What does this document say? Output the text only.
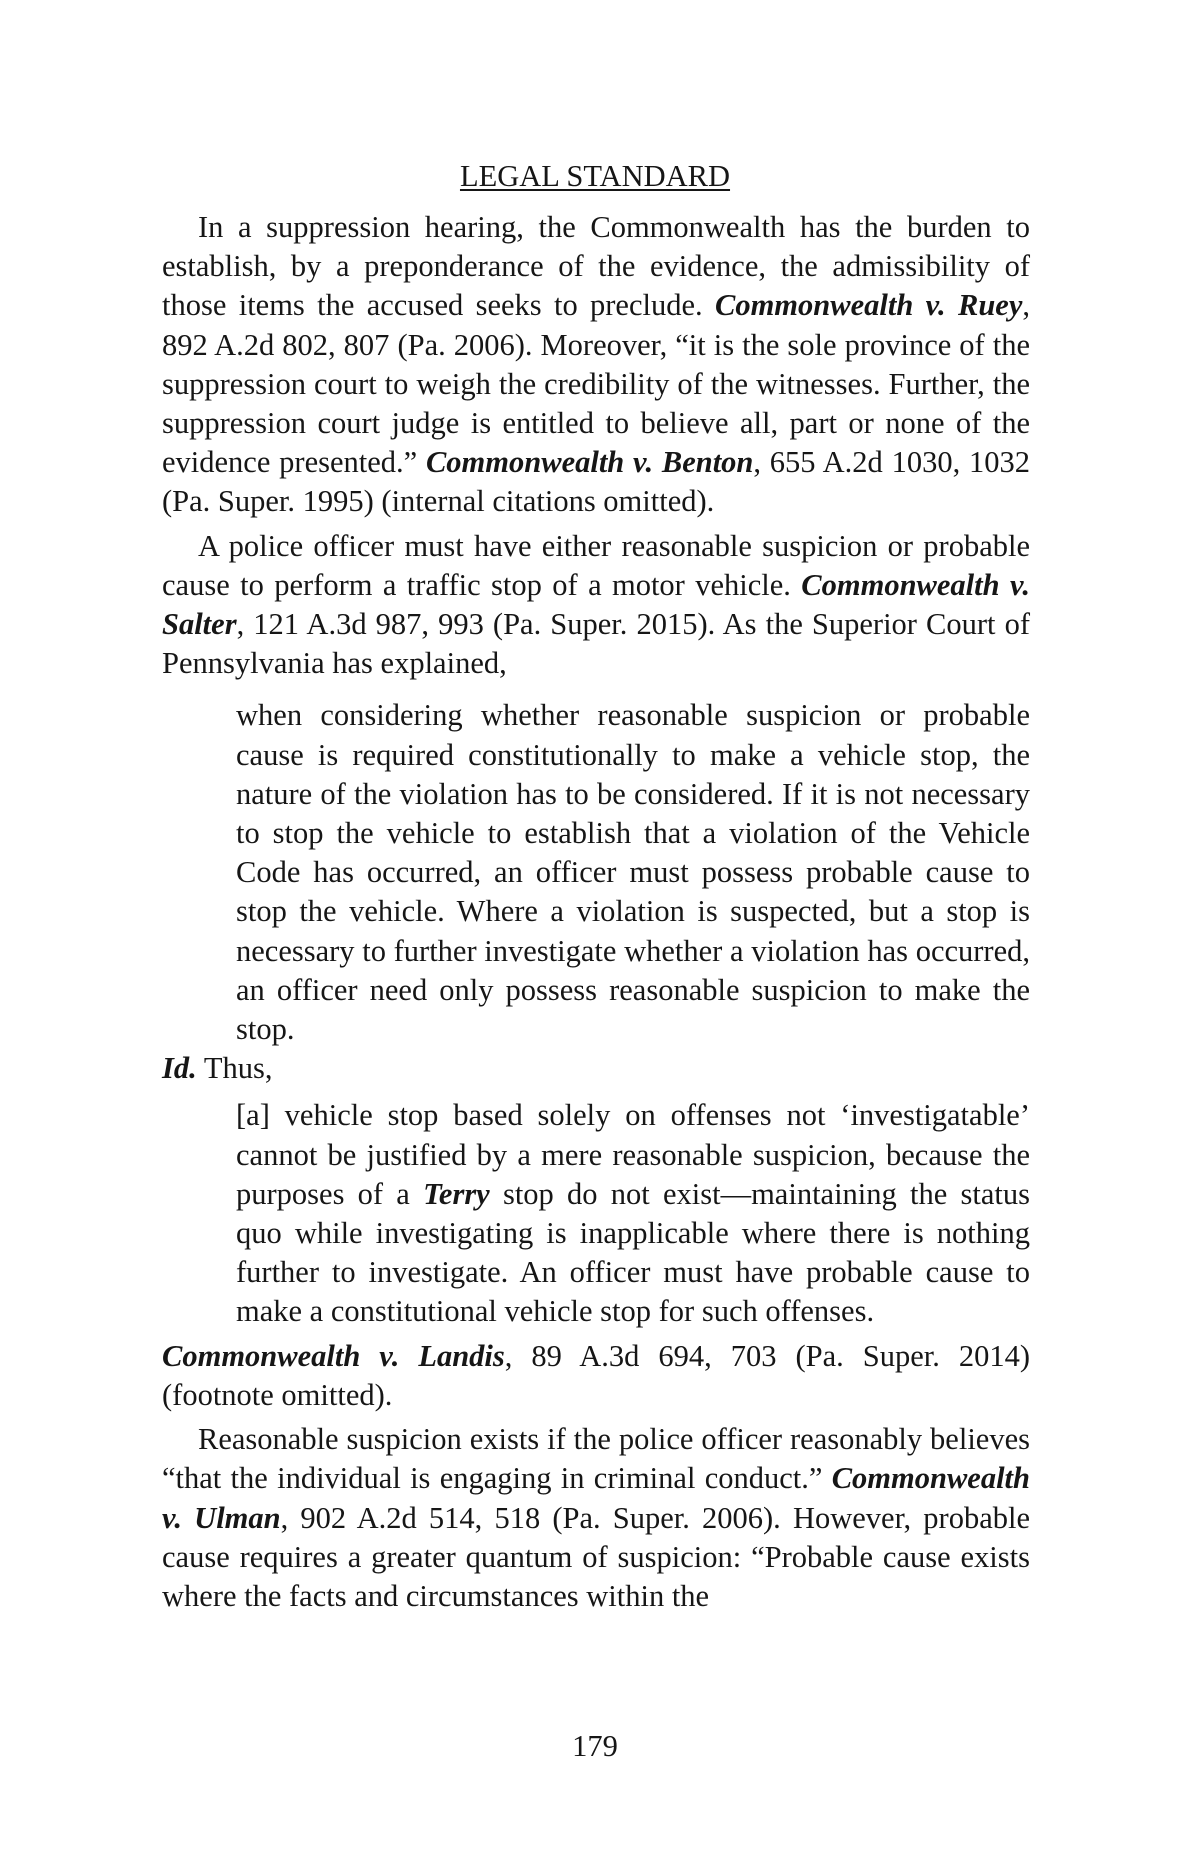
LEGAL STANDARD

In a suppression hearing, the Commonwealth has the burden to establish, by a preponderance of the evidence, the admissibility of those items the accused seeks to preclude. Commonwealth v. Ruey, 892 A.2d 802, 807 (Pa. 2006). Moreover, “it is the sole province of the suppression court to weigh the credibility of the witnesses. Further, the suppression court judge is entitled to believe all, part or none of the evidence presented.” Commonwealth v. Benton, 655 A.2d 1030, 1032 (Pa. Super. 1995) (internal citations omitted).

A police officer must have either reasonable suspicion or probable cause to perform a traffic stop of a motor vehicle. Commonwealth v. Salter, 121 A.3d 987, 993 (Pa. Super. 2015). As the Superior Court of Pennsylvania has explained,

when considering whether reasonable suspicion or probable cause is required constitutionally to make a vehicle stop, the nature of the violation has to be considered. If it is not necessary to stop the vehicle to establish that a violation of the Vehicle Code has occurred, an officer must possess probable cause to stop the vehicle. Where a violation is suspected, but a stop is necessary to further investigate whether a violation has occurred, an officer need only possess reasonable suspicion to make the stop.

Id. Thus,

[a] vehicle stop based solely on offenses not ‘investigatable’ cannot be justified by a mere reasonable suspicion, because the purposes of a Terry stop do not exist—maintaining the status quo while investigating is inapplicable where there is nothing further to investigate. An officer must have probable cause to make a constitutional vehicle stop for such offenses.

Commonwealth v. Landis, 89 A.3d 694, 703 (Pa. Super. 2014) (footnote omitted).

Reasonable suspicion exists if the police officer reasonably believes “that the individual is engaging in criminal conduct.” Commonwealth v. Ulman, 902 A.2d 514, 518 (Pa. Super. 2006). However, probable cause requires a greater quantum of suspicion: “Probable cause exists where the facts and circumstances within the

179
